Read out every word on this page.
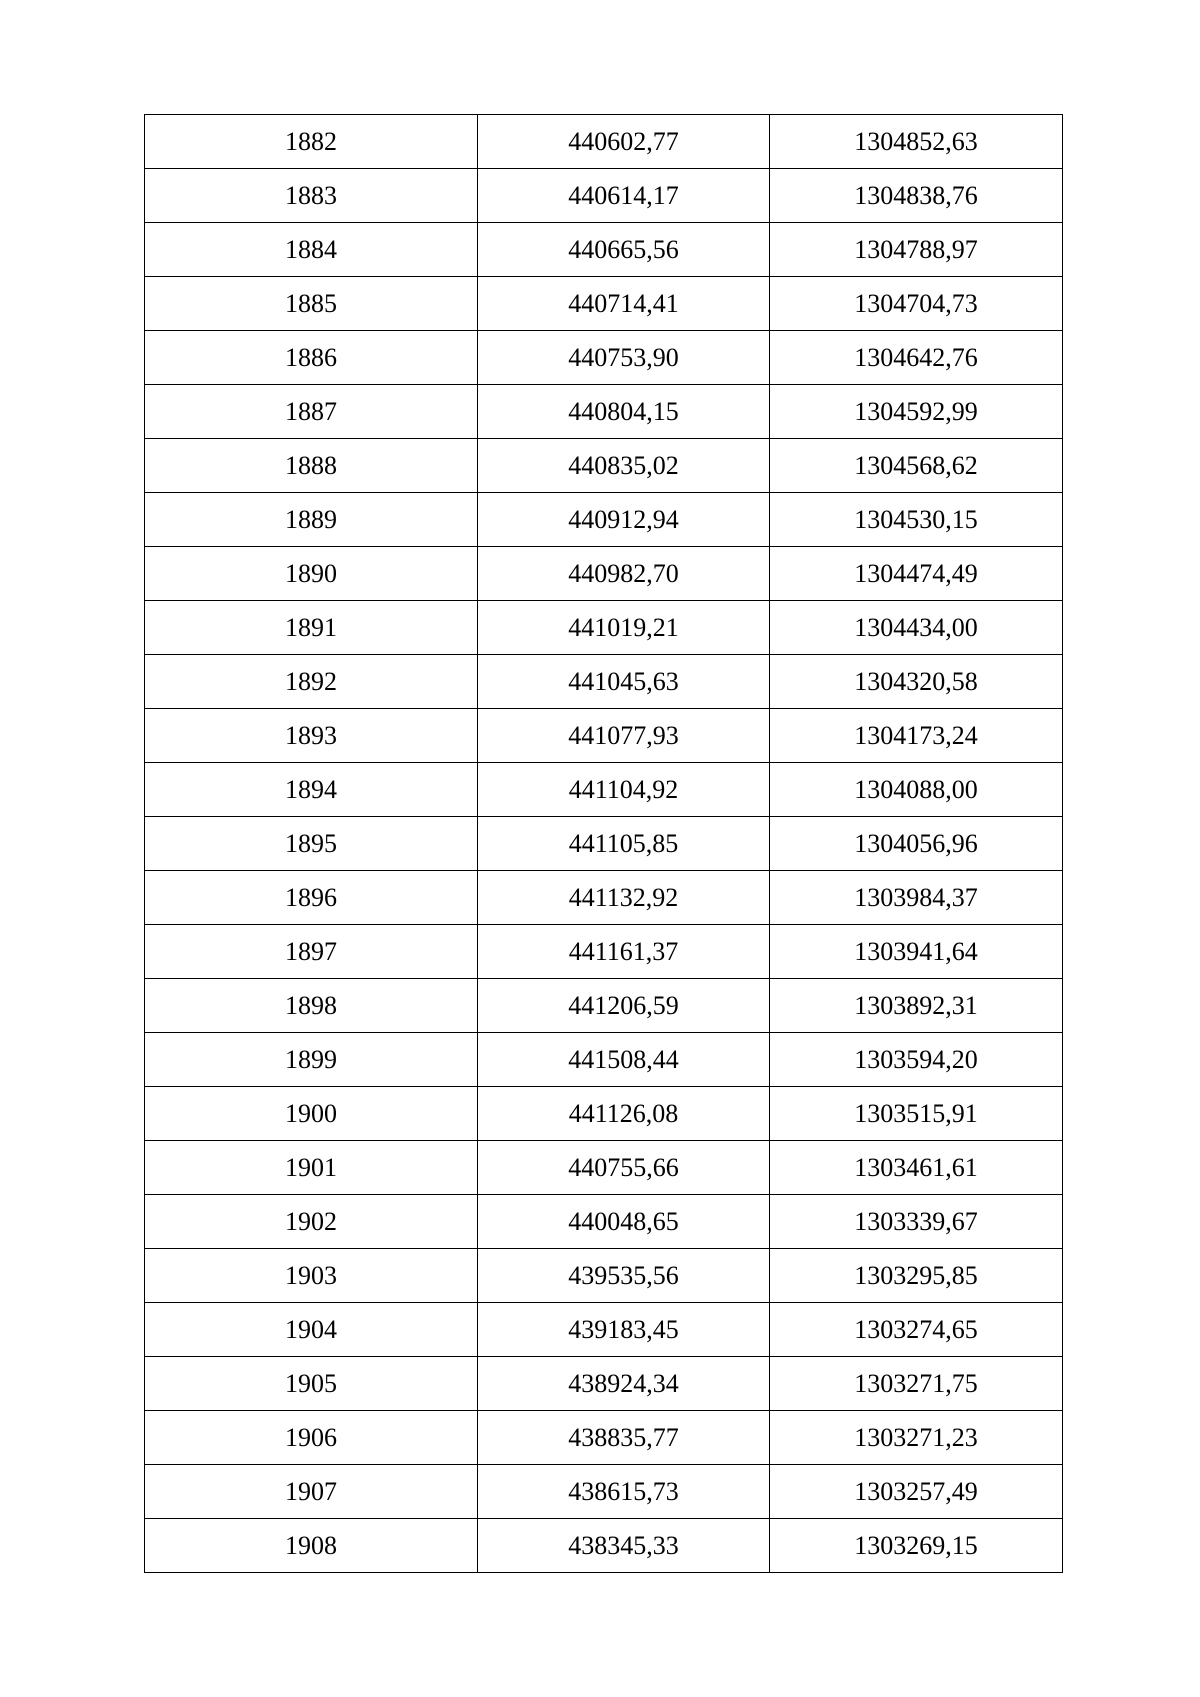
1882	440602,77	1304852,63
1883	440614,17	1304838,76
1884	440665,56	1304788,97
1885	440714,41	1304704,73
1886	440753,90	1304642,76
1887	440804,15	1304592,99
1888	440835,02	1304568,62
1889	440912,94	1304530,15
1890	440982,70	1304474,49
1891	441019,21	1304434,00
1892	441045,63	1304320,58
1893	441077,93	1304173,24
1894	441104,92	1304088,00
1895	441105,85	1304056,96
1896	441132,92	1303984,37
1897	441161,37	1303941,64
1898	441206,59	1303892,31
1899	441508,44	1303594,20
1900	441126,08	1303515,91
1901	440755,66	1303461,61
1902	440048,65	1303339,67
1903	439535,56	1303295,85
1904	439183,45	1303274,65
1905	438924,34	1303271,75
1906	438835,77	1303271,23
1907	438615,73	1303257,49
1908	438345,33	1303269,15
